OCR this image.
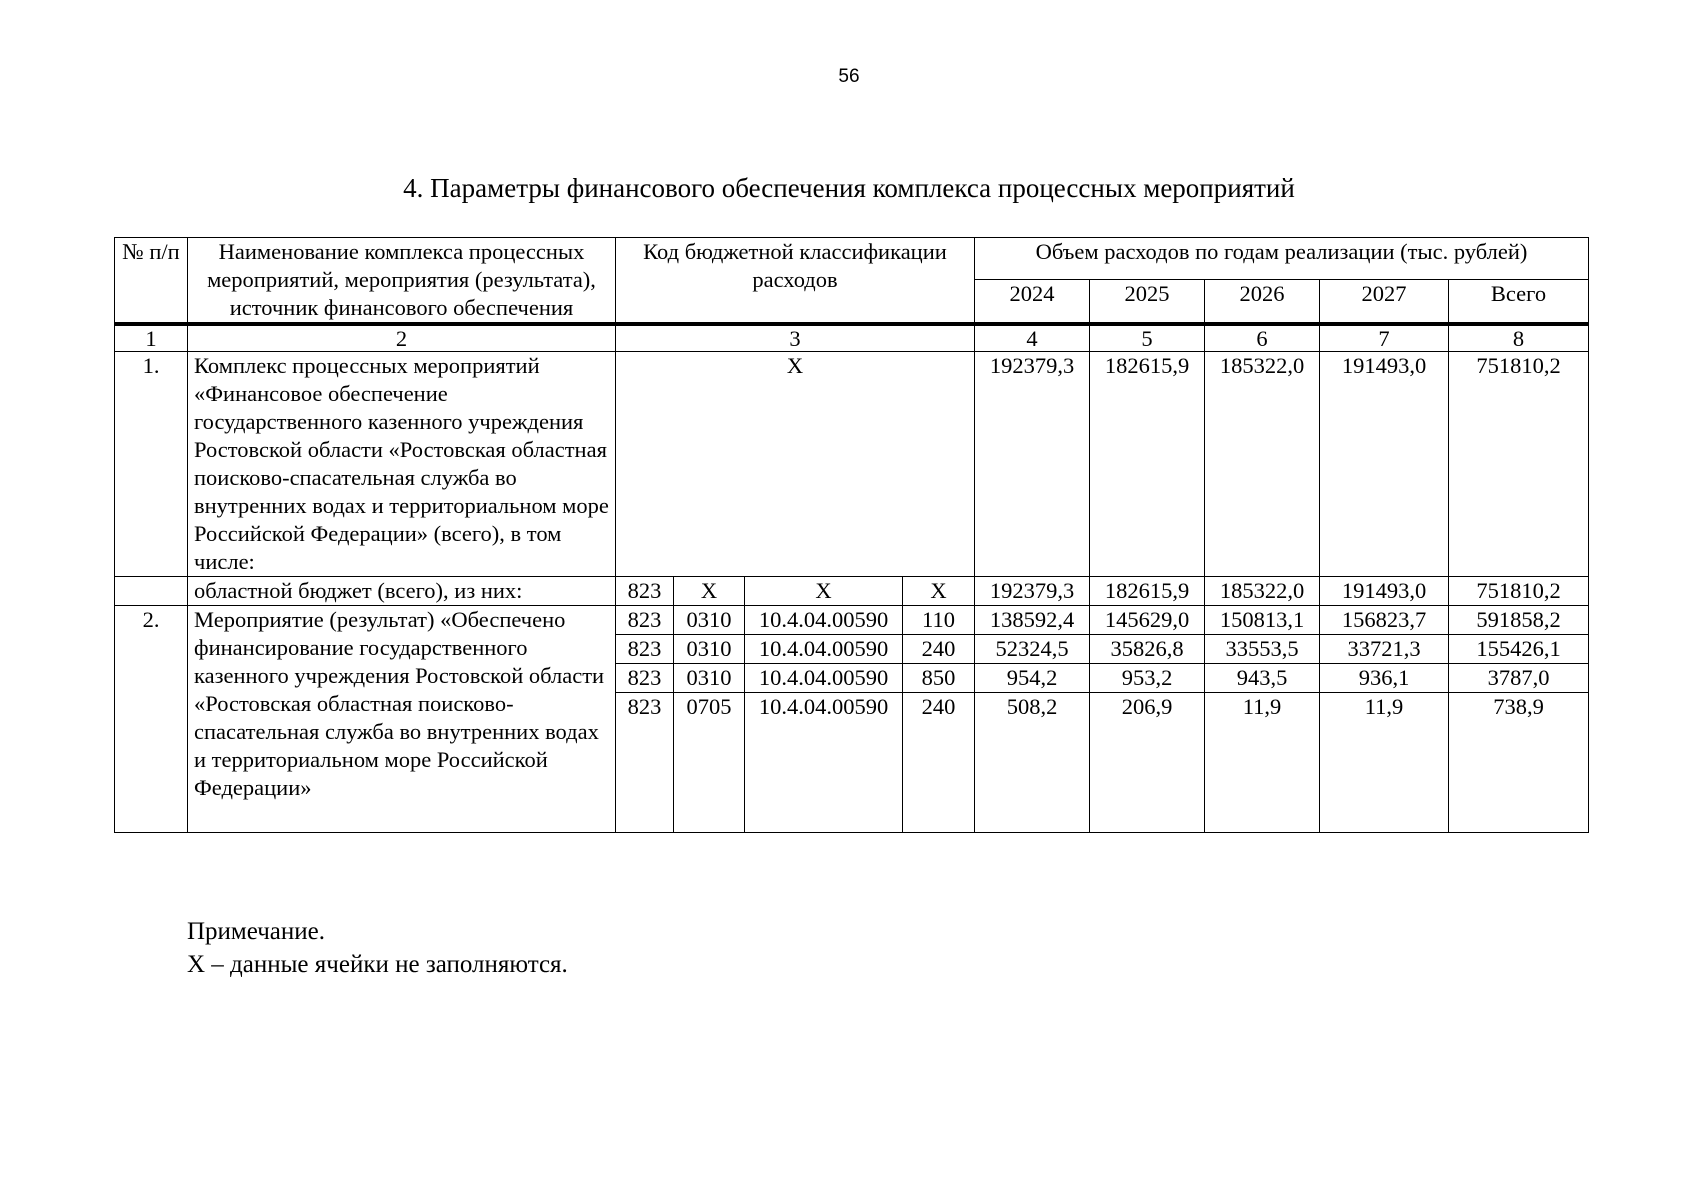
56
4. Параметры финансового обеспечения комплекса процессных мероприятий
№ п/п	Наименование комплекса процессных мероприятий, мероприятия (результата), источник финансового обеспечения	Код бюджетной классификации расходов				Объем расходов по годам реализации (тыс. рублей)				
						2024	2025	2026	2027	Всего
1	2	3				4	5	6	7	8
1.	Комплекс процессных мероприятий «Финансовое обеспечение государственного казенного учреждения Ростовской области «Ростовская областная поисково-спасательная служба во внутренних водах и территориальном море Российской Федерации» (всего), в том числе:	Х				192379,3	182615,9	185322,0	191493,0	751810,2
	областной бюджет (всего), из них:	823	Х	Х	Х	192379,3	182615,9	185322,0	191493,0	751810,2
2.	Мероприятие (результат) «Обеспечено финансирование государственного казенного учреждения Ростовской области «Ростовская областная поисково-спасательная служба во внутренних водах и территориальном море Российской Федерации»	823	0310	10.4.04.00590	110	138592,4	145629,0	150813,1	156823,7	591858,2
		823	0310	10.4.04.00590	240	52324,5	35826,8	33553,5	33721,3	155426,1
		823	0310	10.4.04.00590	850	954,2	953,2	943,5	936,1	3787,0
		823	0705	10.4.04.00590	240	508,2	206,9	11,9	11,9	738,9
Примечание.
Х – данные ячейки не заполняются.
